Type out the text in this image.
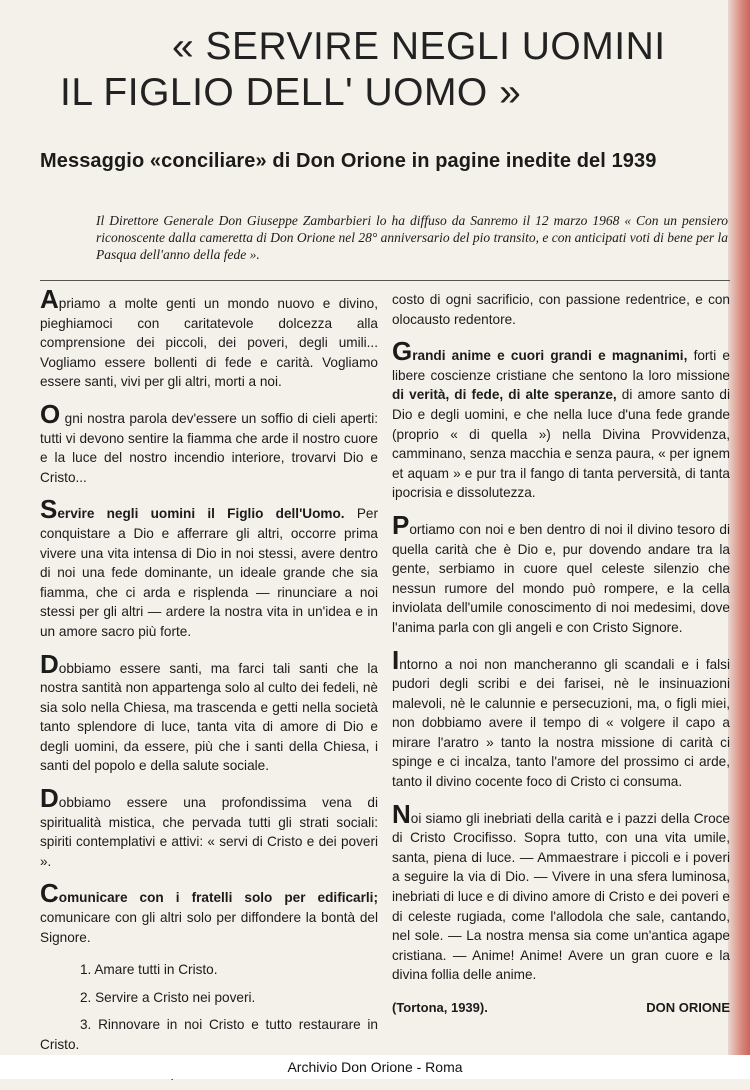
« SERVIRE NEGLI UOMINI
IL FIGLIO DELL' UOMO »
Messaggio «conciliare» di Don Orione in pagine inedite del 1939
Il Direttore Generale Don Giuseppe Zambarbieri lo ha diffuso da Sanremo il 12 marzo 1968 « Con un pensiero riconoscente dalla cameretta di Don Orione nel 28° anniversario del pio transito, e con anticipati voti di bene per la Pasqua dell'anno della fede ».

Apriamo a molte genti un mondo nuovo e divino, pieghiamoci con caritatevole dolcezza alla comprensione dei piccoli, dei poveri, degli umili... Vogliamo essere bollenti di fede e carità. Vogliamo essere santi, vivi per gli altri, morti a noi.

O gni nostra parola dev'essere un soffio di cieli aperti: tutti vi devono sentire la fiamma che arde il nostro cuore e la luce del nostro incendio interiore, trovarvi Dio e Cristo...

Servire negli uomini il Figlio dell'Uomo. Per conquistare a Dio e afferrare gli altri, occorre prima vivere una vita intensa di Dio in noi stessi, avere dentro di noi una fede dominante, un ideale grande che sia fiamma, che ci arda e risplenda — rinunciare a noi stessi per gli altri — ardere la nostra vita in un'idea e in un amore sacro più forte.

Dobbiamo essere santi, ma farci tali santi che la nostra santità non appartenga solo al culto dei fedeli, nè sia solo nella Chiesa, ma trascenda e getti nella società tanto splendore di luce, tanta vita di amore di Dio e degli uomini, da essere, più che i santi della Chiesa, i santi del popolo e della salute sociale.

Dobbiamo essere una profondissima vena di spiritualità mistica, che pervada tutti gli strati sociali: spiriti contemplativi e attivi: « servi di Cristo e dei poveri ».

Comunicare con i fratelli solo per edificarli; comunicare con gli altri solo per diffondere la bontà del Signore.

1. Amare tutti in Cristo.

2. Servire a Cristo nei poveri.

3. Rinnovare in noi Cristo e tutto restaurare in Cristo.

costo di ogni sacrificio, con passione redentrice, e con olocausto redentore.

Grandi anime e cuori grandi e magnanimi, forti e libere coscienze cristiane che sentono la loro missione di verità, di fede, di alte speranze, di amore santo di Dio e degli uomini, e che nella luce d'una fede grande (proprio « di quella ») nella Divina Provvidenza, camminano, senza macchia e senza paura, « per ignem et aquam » e pur tra il fango di tanta perversità, di tanta ipocrisia e dissolutezza.

Portiamo con noi e ben dentro di noi il divino tesoro di quella carità che è Dio e, pur dovendo andare tra la gente, serbiamo in cuore quel celeste silenzio che nessun rumore del mondo può rompere, e la cella inviolata dell'umile conoscimento di noi medesimi, dove l'anima parla con gli angeli e con Cristo Signore.

Intorno a noi non mancheranno gli scandali e i falsi pudori degli scribi e dei farisei, nè le insinuazioni malevoli, nè le calunnie e persecuzioni, ma, o figli miei, non dobbiamo avere il tempo di « volgere il capo a mirare l'aratro » tanto la nostra missione di carità ci spinge e ci incalza, tanto l'amore del prossimo ci arde, tanto il divino cocente foco di Cristo ci consuma.

Noi siamo gli inebriati della carità e i pazzi della Croce di Cristo Crocifisso. Sopra tutto, con una vita umile, santa, piena di luce. — Ammaestrare i piccoli e i poveri a seguire la via di Dio. — Vivere in una sfera luminosa, inebriati di luce e di divino amore di Cristo e dei poveri e di celeste rugiada, come l'allodola che sale, cantando, nel sole. — La nostra mensa sia come un'antica agape cristiana. — Anime! Anime! Avere un gran cuore e la divina follia delle anime.

(Tortona, 1939).	DON ORIONE
Archivio Don Orione - Roma
